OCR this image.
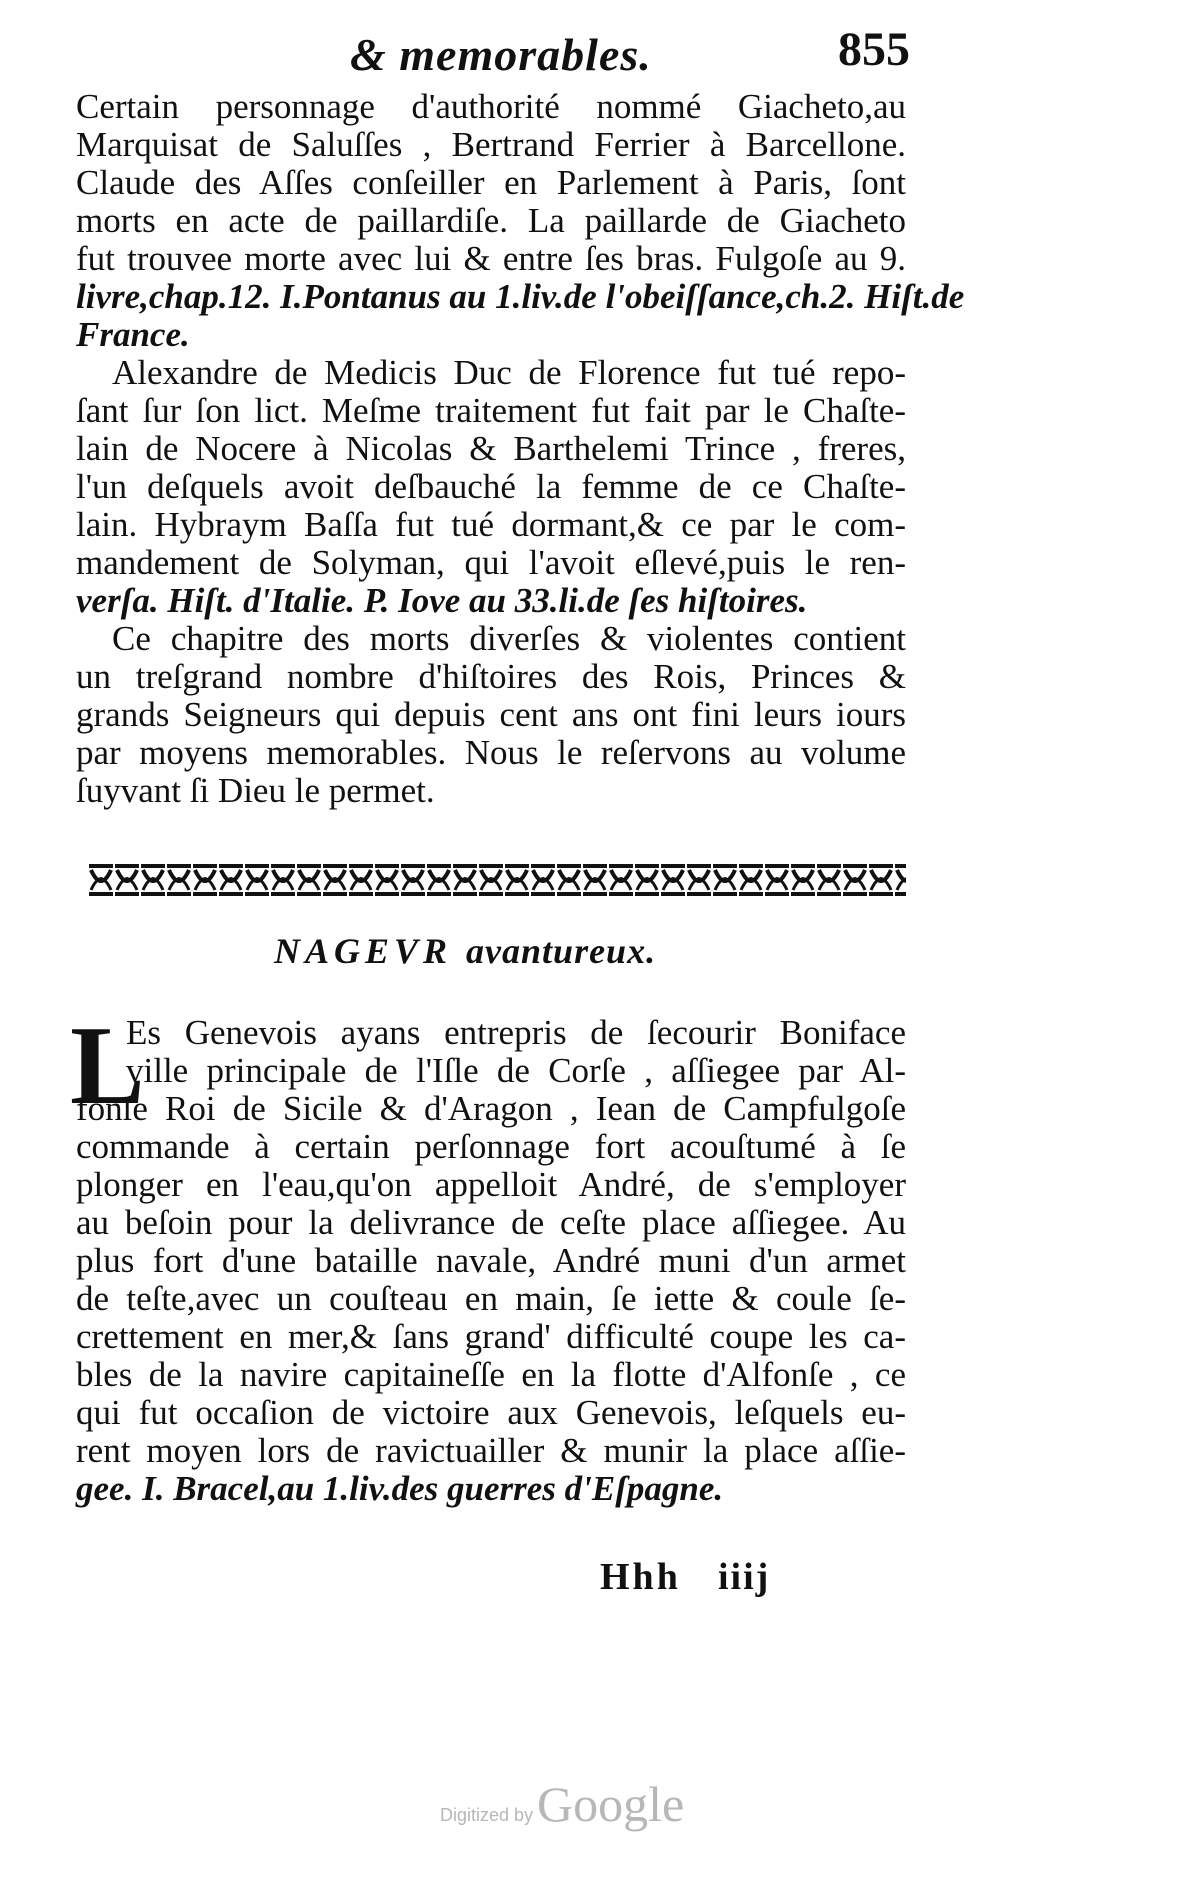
& memorables.	855
Certain personnage d'authorité nommé Giacheto,au
Marquisat de Saluſſes , Bertrand Ferrier à Barcellone.
Claude des Aſſes conſeiller en Parlement à Paris, ſont
morts en acte de paillardiſe. La paillarde de Giacheto
fut trouvee morte avec lui & entre ſes bras. Fulgoſe au 9.
livre,chap.12. I.Pontanus au 1.liv.de l'obeiſſance,ch.2. Hiſt.de
France.
Alexandre de Medicis Duc de Florence fut tué repo-
ſant ſur ſon lict. Meſme traitement fut fait par le Chaſte-
lain de Nocere à Nicolas & Barthelemi Trince , freres,
l'un deſquels avoit deſbauché la femme de ce Chaſte-
lain. Hybraym Baſſa fut tué dormant,& ce par le com-
mandement de Solyman, qui l'avoit eſlevé,puis le ren-
verſa. Hiſt. d'Italie. P. Iove au 33.li.de ſes hiſtoires.
Ce chapitre des morts diverſes & violentes contient
un treſgrand nombre d'hiſtoires des Rois, Princes &
grands Seigneurs qui depuis cent ans ont fini leurs iours
par moyens memorables. Nous le reſervons au volume
ſuyvant ſi Dieu le permet.
NAGEVR avantureux.
L
Es Genevois ayans entrepris de ſecourir Boniface
ville principale de l'Iſle de Corſe , aſſiegee par Al-
fonſe Roi de Sicile & d'Aragon , Iean de Campfulgoſe
commande à certain perſonnage fort acouſtumé à ſe
plonger en l'eau,qu'on appelloit André, de s'employer
au beſoin pour la delivrance de ceſte place aſſiegee. Au
plus fort d'une bataille navale, André muni d'un armet
de teſte,avec un couſteau en main, ſe iette & coule ſe-
crettement en mer,& ſans grand' difficulté coupe les ca-
bles de la navire capitaineſſe en la flotte d'Alfonſe , ce
qui fut occaſion de victoire aux Genevois, leſquels eu-
rent moyen lors de ravictuailler & munir la place aſſie-
gee. I. Bracel,au 1.liv.des guerres d'Eſpagne.
Hhh iiij
Digitized by Google
